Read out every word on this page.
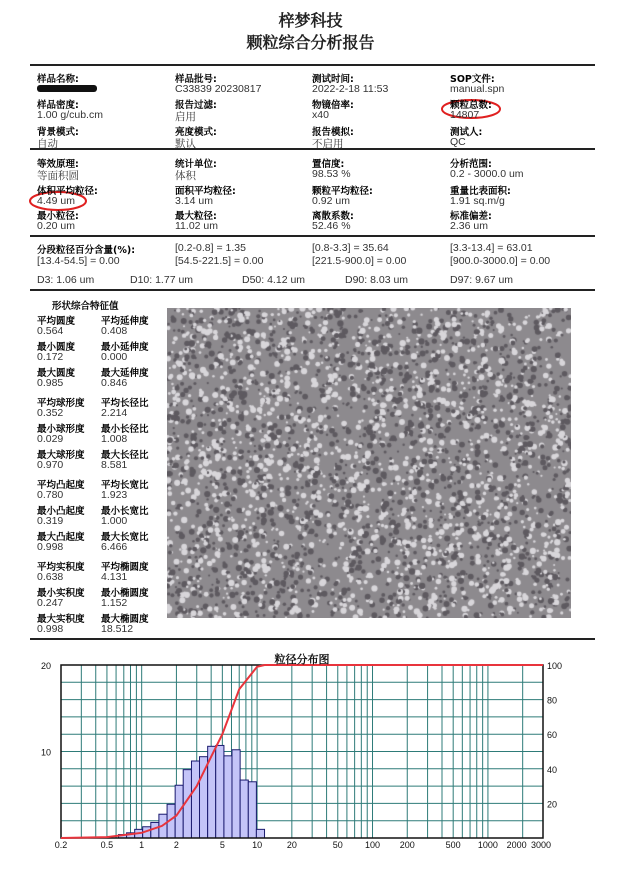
梓梦科技
颗粒综合分析报告
粒径分布图
0.2	0.5	1	2	5	10	20	50 100 200	500 1000 2000 3000
20
10
100
80
60
40
20
样品名称:	样品批号:
C33839 20230817
测试时间:
2022-2-18 11:53
SOP文件:
manual.spn
样品密度:
1.00 g/cub.cm
报告过滤:
启用
物镜倍率:
x40
颗粒总数:
14807
背景模式:
自动
亮度模式:
默认
报告模拟:
不启用
测试人:
QC
等效原理:
等面积圆
统计单位:
体积
置信度:
98.53 %
分析范围:
0.2 - 3000.0 um
体积平均粒径:
4.49 um
面积平均粒径:
3.14 um
颗粒平均粒径:
0.92 um
重量比表面积:
1.91 sq.m/g
最小粒径:
0.20 um
最大粒径:
11.02 um
离散系数:
52.46 %
标准偏差:
2.36 um
分段粒径百分含量(%):	[0.2-0.8] = 1.35	[0.8-3.3] = 35.64	[3.3-13.4] = 63.01
[13.4-54.5] = 0.00	[54.5-221.5] = 0.00	[221.5-900.0] = 0.00	[900.0-3000.0] = 0.00
D3: 1.06 um	D10: 1.77 um	D50: 4.12 um	D90: 8.03 um	D97: 9.67 um
形状综合特征值
平均圆度
0.564
平均延伸度
0.408
最小圆度
0.172
最小延伸度
0.000
最大圆度
0.985
最大延伸度
0.846
平均球形度
0.352
平均长径比
2.214
最小球形度
0.029
最小长径比
1.008
最大球形度
0.970
最大长径比
8.581
平均凸起度
0.780
平均长宽比
1.923
最小凸起度
0.319
最小长宽比
1.000
最大凸起度
0.998
最大长宽比
6.466
平均实积度
0.638
平均椭圆度
4.131
最小实积度
0.247
最小椭圆度
1.152
最大实积度
0.998
最大椭圆度
18.512
